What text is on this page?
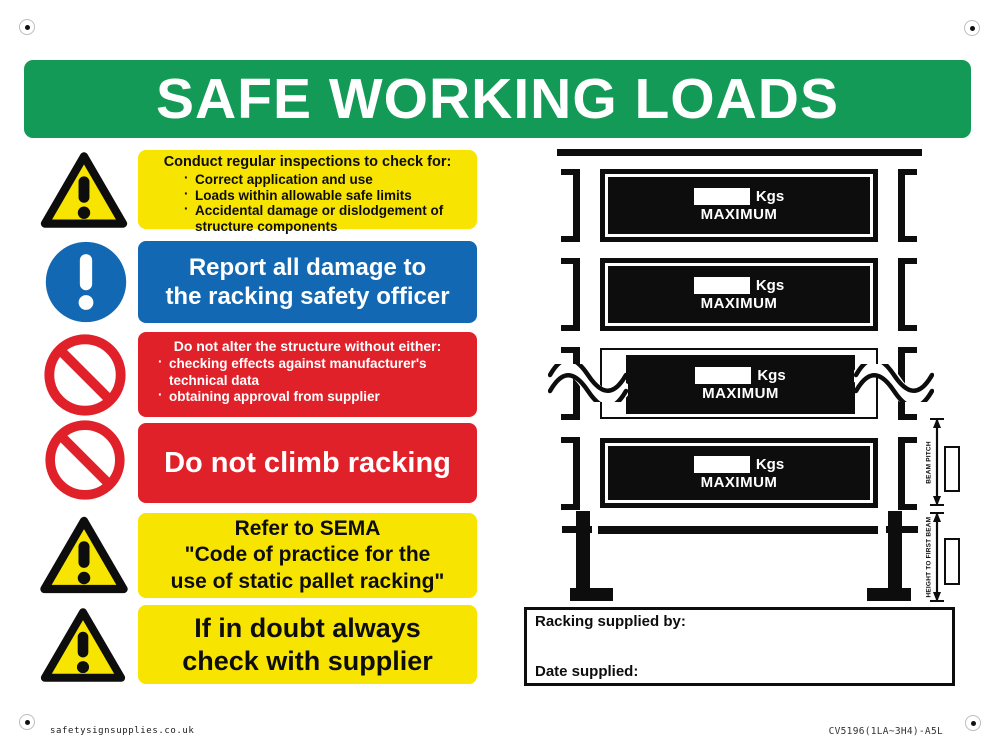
SAFE WORKING LOADS
Conduct regular inspections to check for:
· Correct application and use
· Loads within allowable safe limits
· Accidental damage or dislodgement of structure components
Report all damage to
the racking safety officer
Do not alter the structure without either:
· checking effects against manufacturer's technical data
· obtaining approval from supplier
Do not climb racking
Refer to SEMA
"Code of practice for the
use of static pallet racking"
If in doubt always
check with supplier
Kgs
MAXIMUM
Kgs
MAXIMUM
Kgs
MAXIMUM
Kgs
MAXIMUM	BEAM PITCH
HEIGHT TO FIRST BEAM
Racking supplied by:
Date supplied:
safetysignsupplies.co.uk	CV5196(1LA~3H4)-A5L
